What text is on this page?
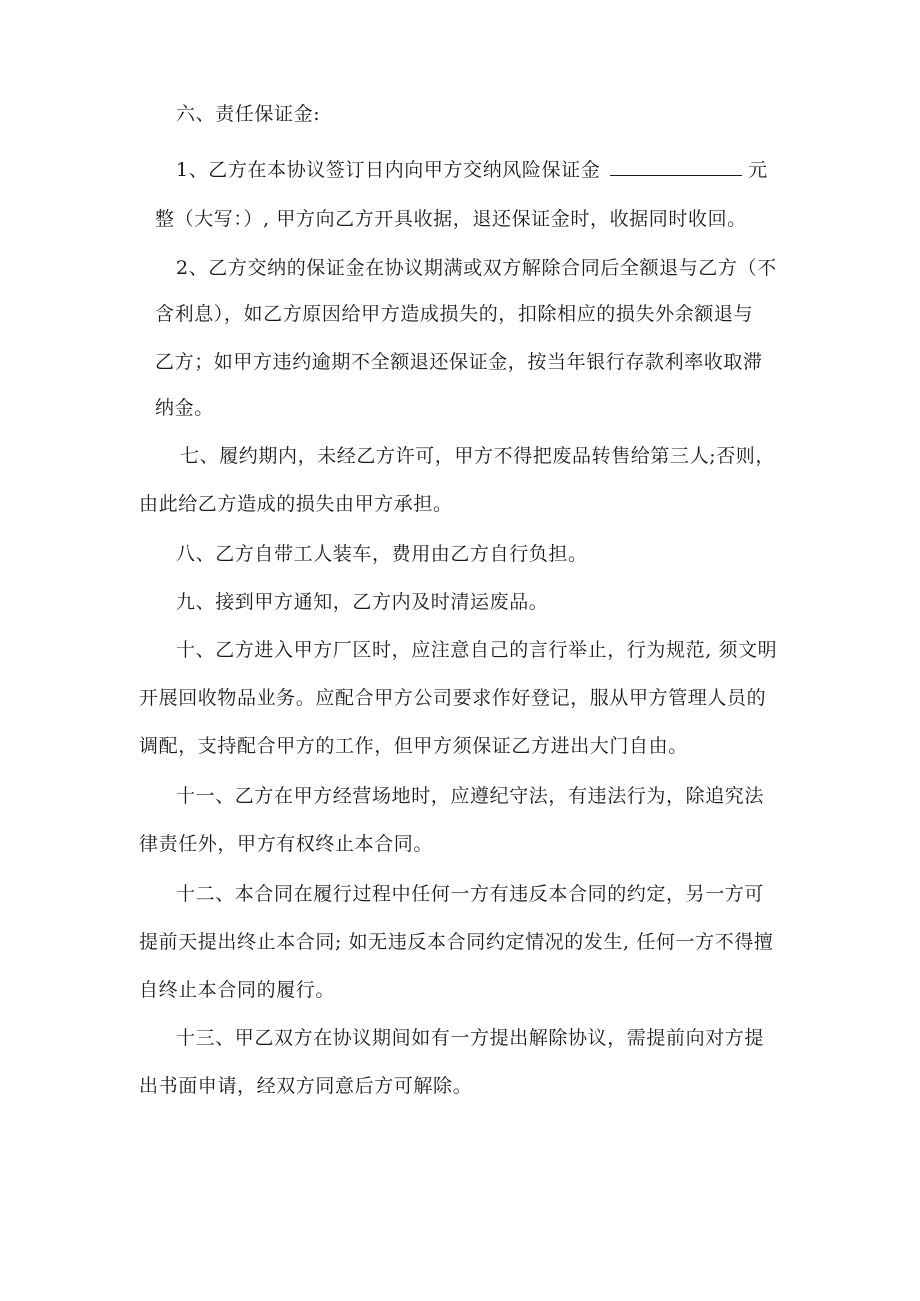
六、责任保证金:
1、乙方在本协议签订日内向甲方交纳风险保证金	元
整（大写：）, 甲方向乙方开具收据，退还保证金时，收据同时收回。
2、乙方交纳的保证金在协议期满或双方解除合同后全额退与乙方（不
含利息），如乙方原因给甲方造成损失的，扣除相应的损失外余额退与
乙方；如甲方违约逾期不全额退还保证金，按当年银行存款利率收取滞
纳金。
七、履约期内，未经乙方许可，甲方不得把废品转售给第三人;否则，
由此给乙方造成的损失由甲方承担。
八、乙方自带工人装车，费用由乙方自行负担。
九、接到甲方通知，乙方内及时清运废品。
十、乙方进入甲方厂区时，应注意自己的言行举止，行为规范, 须文明
开展回收物品业务。应配合甲方公司要求作好登记，服从甲方管理人员的
调配，支持配合甲方的工作，但甲方须保证乙方进出大门自由。
十一、乙方在甲方经营场地时，应遵纪守法，有违法行为，除追究法
律责任外，甲方有权终止本合同。
十二、本合同在履行过程中任何一方有违反本合同的约定，另一方可
提前天提出终止本合同; 如无违反本合同约定情况的发生, 任何一方不得擅
自终止本合同的履行。
十三、甲乙双方在协议期间如有一方提出解除协议，需提前向对方提
出书面申请，经双方同意后方可解除。
